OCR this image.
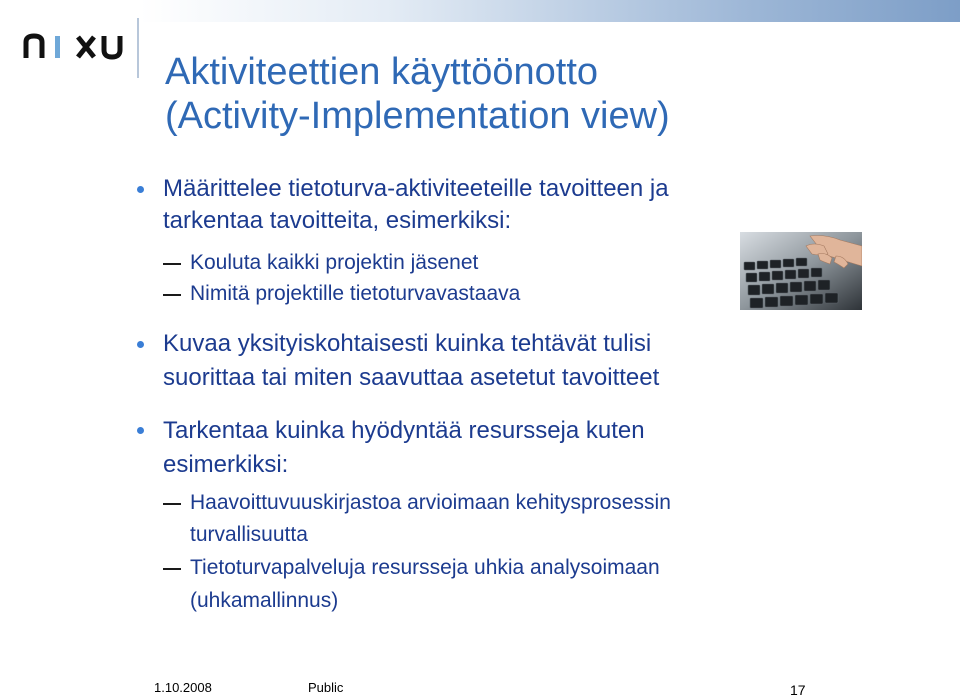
Aktiviteettien käyttöönotto
(Activity-Implementation view)
Määrittelee tietoturva-aktiviteeteille tavoitteen ja
tarkentaa tavoitteita, esimerkiksi:
Kouluta kaikki projektin jäsenet
Nimitä projektille tietoturvavastaava
Kuvaa yksityiskohtaisesti kuinka tehtävät tulisi
suorittaa tai miten saavuttaa asetetut tavoitteet
Tarkentaa kuinka hyödyntää resursseja kuten
esimerkiksi:
Haavoittuvuuskirjastoa arvioimaan kehitysprosessin
turvallisuutta
Tietoturvapalveluja resursseja uhkia analysoimaan
(uhkamallinnus)
1.10.2008	Public	17
